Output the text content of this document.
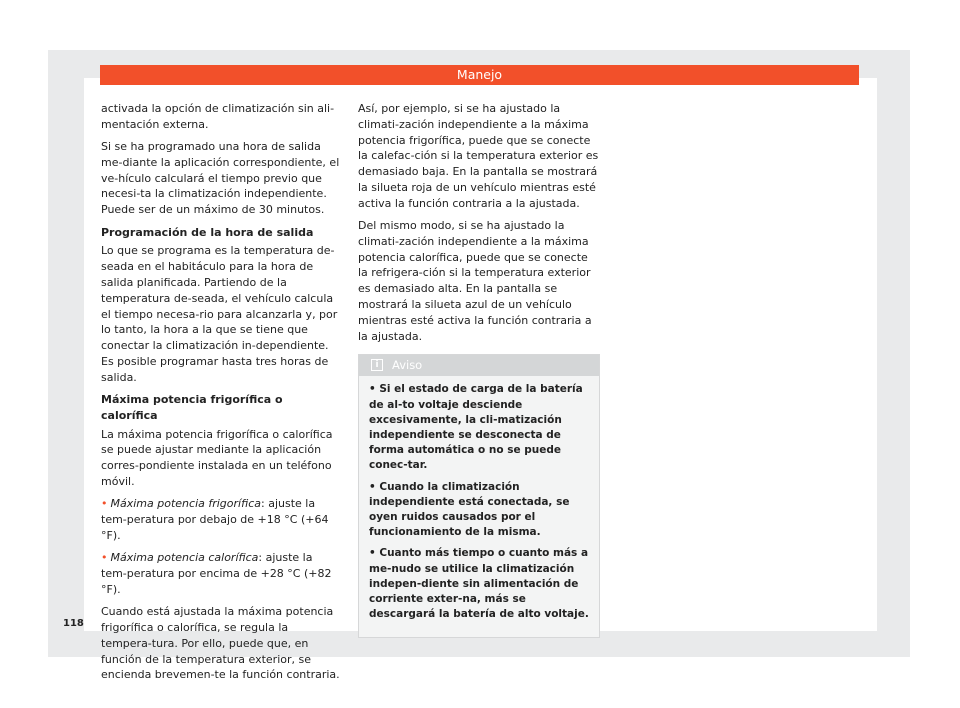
Manejo

activada la opción de climatización sin ali-mentación externa.

Si se ha programado una hora de salida me-diante la aplicación correspondiente, el ve-hículo calculará el tiempo previo que necesi-ta la climatización independiente. Puede ser de un máximo de 30 minutos.

Programación de la hora de salida

Lo que se programa es la temperatura de-seada en el habitáculo para la hora de salida planificada. Partiendo de la temperatura de-seada, el vehículo calcula el tiempo necesa-rio para alcanzarla y, por lo tanto, la hora a la que se tiene que conectar la climatización in-dependiente. Es posible programar hasta tres horas de salida.

Máxima potencia frigorífica o calorífica

La máxima potencia frigorífica o calorífica se puede ajustar mediante la aplicación corres-pondiente instalada en un teléfono móvil.

• Máxima potencia frigorífica: ajuste la tem-peratura por debajo de +18 °C (+64 °F).

• Máxima potencia calorífica: ajuste la tem-peratura por encima de +28 °C (+82 °F).

Cuando está ajustada la máxima potencia frigorífica o calorífica, se regula la tempera-tura. Por ello, puede que, en función de la temperatura exterior, se encienda brevemen-te la función contraria.

Así, por ejemplo, si se ha ajustado la climati-zación independiente a la máxima potencia frigorífica, puede que se conecte la calefac-ción si la temperatura exterior es demasiado baja. En la pantalla se mostrará la silueta roja de un vehículo mientras esté activa la función contraria a la ajustada.

Del mismo modo, si se ha ajustado la climati-zación independiente a la máxima potencia calorífica, puede que se conecte la refrigera-ción si la temperatura exterior es demasiado alta. En la pantalla se mostrará la silueta azul de un vehículo mientras esté activa la función contraria a la ajustada.

i	Aviso

• Si el estado de carga de la batería de al-to voltaje desciende excesivamente, la cli-matización independiente se desconecta de forma automática o no se puede conec-tar.

• Cuando la climatización independiente está conectada, se oyen ruidos causados por el funcionamiento de la misma.

• Cuanto más tiempo o cuanto más a me-nudo se utilice la climatización indepen-diente sin alimentación de corriente exter-na, más se descargará la batería de alto voltaje.

118
